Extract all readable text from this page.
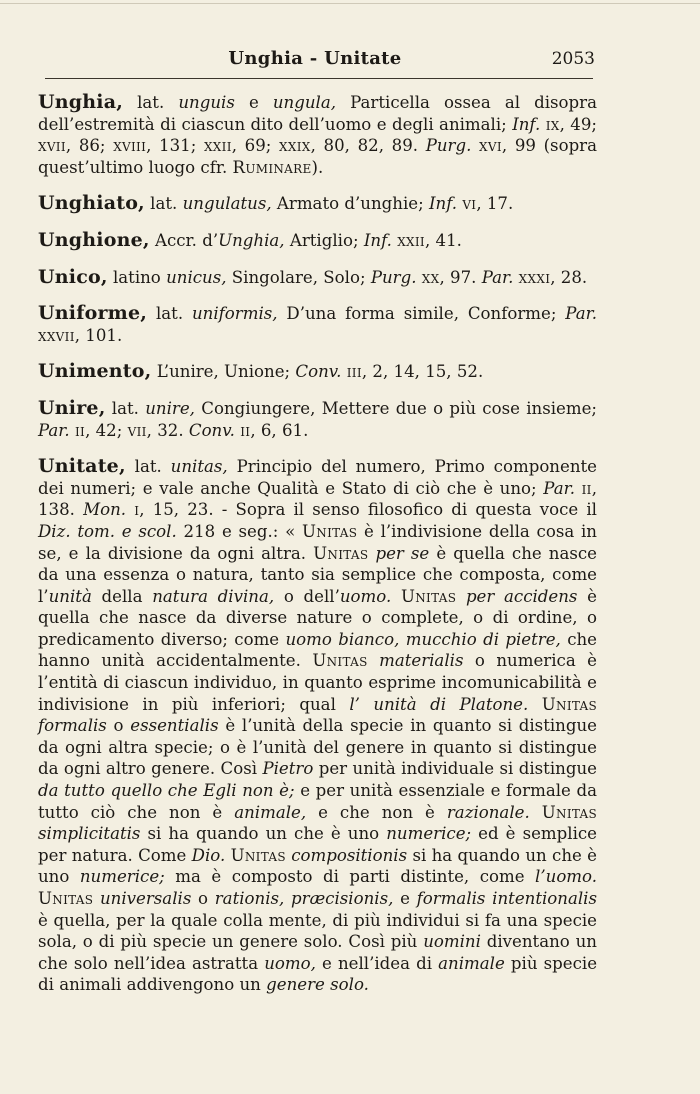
Unghia - Unitate	2053

Unghia, lat. unguis e ungula, Particella ossea al disopra dell’estremità di ciascun dito dell’uomo e degli animali; Inf. ix, 49; xvii, 86; xviii, 131; xxii, 69; xxix, 80, 82, 89. Purg. xvi, 99 (sopra quest’ultimo luogo cfr. Ruminare).

Unghiato, lat. ungulatus, Armato d’unghie; Inf. vi, 17.

Unghione, Accr. d’Unghia, Artiglio; Inf. xxii, 41.

Unico, latino unicus, Singolare, Solo; Purg. xx, 97. Par. xxxi, 28.

Uniforme, lat. uniformis, D’una forma simile, Conforme; Par. xxvii, 101.

Unimento, L’unire, Unione; Conv. iii, 2, 14, 15, 52.

Unire, lat. unire, Congiungere, Mettere due o più cose insieme; Par. ii, 42; vii, 32. Conv. ii, 6, 61.

Unitate, lat. unitas, Principio del numero, Primo componente dei numeri; e vale anche Qualità e Stato di ciò che è uno; Par. ii, 138. Mon. i, 15, 23. - Sopra il senso filosofico di questa voce il Diz. tom. e scol. 218 e seg.: « Unitas è l’indivisione della cosa in se, e la divisione da ogni altra. Unitas per se è quella che nasce da una essenza o natura, tanto sia semplice che composta, come l’unità della natura divina, o dell’uomo. Unitas per accidens è quella che nasce da diverse nature o complete, o di ordine, o predicamento diverso; come uomo bianco, mucchio di pietre, che hanno unità accidentalmente. Unitas materialis o numerica è l’entità di ciascun individuo, in quanto esprime incomunicabilità e indivisione in più inferiori; qual l’ unità di Platone. Unitas formalis o essentialis è l’unità della specie in quanto si distingue da ogni altra specie; o è l’unità del genere in quanto si distingue da ogni altro genere. Così Pietro per unità individuale si distingue da tutto quello che Egli non è; e per unità essenziale e formale da tutto ciò che non è animale, e che non è razionale. Unitas simplicitatis si ha quando un che è uno numerice; ed è semplice per natura. Come Dio. Unitas compositionis si ha quando un che è uno numerice; ma è composto di parti distinte, come l’uomo. Unitas universalis o rationis, præcisionis, e formalis intentionalis è quella, per la quale colla mente, di più individui si fa una specie sola, o di più specie un genere solo. Così più uomini diventano un che solo nell’idea astratta uomo, e nell’idea di animale più specie di animali addivengono un genere solo.
